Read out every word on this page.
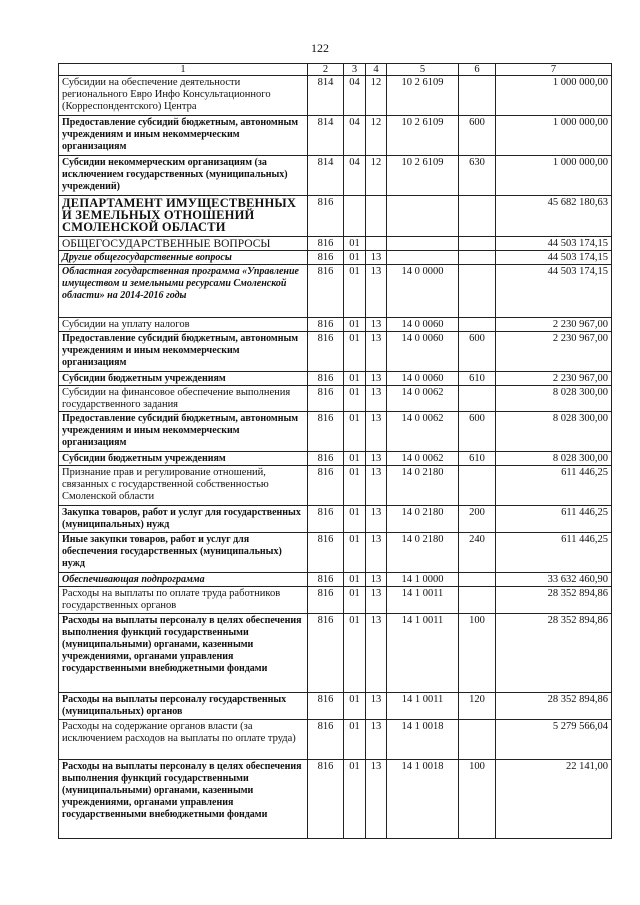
122
1	2	3	4	5	6	7
Субсидии на обеспечение деятельности регионального Евро Инфо Консультационного (Корреспондентского) Центра	814	04	12	10 2 6109		1 000 000,00
Предоставление субсидий бюджетным, автономным учреждениям и иным некоммерческим организациям	814	04	12	10 2 6109	600	1 000 000,00
Субсидии некоммерческим организациям (за исключением государственных (муниципальных) учреждений)	814	04	12	10 2 6109	630	1 000 000,00
ДЕПАРТАМЕНТ ИМУЩЕСТВЕННЫХ И ЗЕМЕЛЬНЫХ ОТНОШЕНИЙ СМОЛЕНСКОЙ ОБЛАСТИ	816					45 682 180,63
ОБЩЕГОСУДАРСТВЕННЫЕ ВОПРОСЫ	816	01				44 503 174,15
Другие общегосударственные вопросы	816	01	13			44 503 174,15
Областная государственная программа «Управление имуществом и земельными ресурсами Смоленской области» на 2014-2016 годы	816	01	13	14 0 0000		44 503 174,15
Субсидии на уплату налогов	816	01	13	14 0 0060		2 230 967,00
Предоставление субсидий бюджетным, автономным учреждениям и иным некоммерческим организациям	816	01	13	14 0 0060	600	2 230 967,00
Субсидии бюджетным учреждениям	816	01	13	14 0 0060	610	2 230 967,00
Субсидии на финансовое обеспечение выполнения государственного задания	816	01	13	14 0 0062		8 028 300,00
Предоставление субсидий бюджетным, автономным учреждениям и иным некоммерческим организациям	816	01	13	14 0 0062	600	8 028 300,00
Субсидии бюджетным учреждениям	816	01	13	14 0 0062	610	8 028 300,00
Признание прав и регулирование отношений, связанных с государственной собственностью Смоленской области	816	01	13	14 0 2180		611 446,25
Закупка товаров, работ и услуг для государственных (муниципальных) нужд	816	01	13	14 0 2180	200	611 446,25
Иные закупки товаров, работ и услуг для обеспечения государственных (муниципальных) нужд	816	01	13	14 0 2180	240	611 446,25
Обеспечивающая подпрограмма	816	01	13	14 1 0000		33 632 460,90
Расходы на выплаты по оплате труда работников государственных органов	816	01	13	14 1 0011		28 352 894,86
Расходы на выплаты персоналу в целях обеспечения выполнения функций государственными (муниципальными) органами, казенными учреждениями, органами управления государственными внебюджетными фондами	816	01	13	14 1 0011	100	28 352 894,86
Расходы на выплаты персоналу государственных (муниципальных) органов	816	01	13	14 1 0011	120	28 352 894,86
Расходы на содержание органов власти (за исключением расходов на выплаты по оплате труда)	816	01	13	14 1 0018		5 279 566,04
Расходы на выплаты персоналу в целях обеспечения выполнения функций государственными (муниципальными) органами, казенными учреждениями, органами управления государственными внебюджетными фондами	816	01	13	14 1 0018	100	22 141,00
